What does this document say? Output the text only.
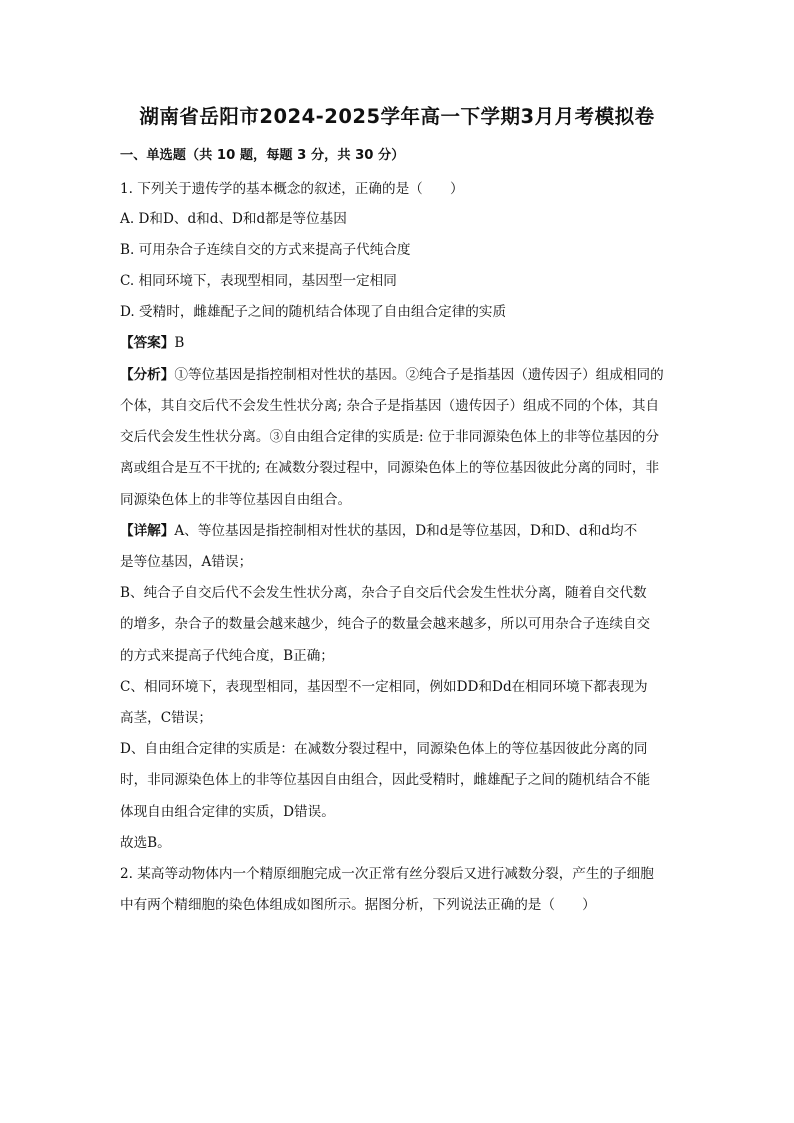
湖南省岳阳市2024-2025学年高一下学期3月月考模拟卷
一、单选题（共 10 题，每题 3 分，共 30 分）
1. 下列关于遗传学的基本概念的叙述，正确的是（　　）
A. D和D、d和d、D和d都是等位基因
B. 可用杂合子连续自交的方式来提高子代纯合度
C. 相同环境下，表现型相同，基因型一定相同
D. 受精时，雌雄配子之间的随机结合体现了自由组合定律的实质
【答案】B
【分析】①等位基因是指控制相对性状的基因。②纯合子是指基因（遗传因子）组成相同的
个体，其自交后代不会发生性状分离; 杂合子是指基因（遗传因子）组成不同的个体，其自
交后代会发生性状分离。③自由组合定律的实质是: 位于非同源染色体上的非等位基因的分
离或组合是互不干扰的; 在减数分裂过程中，同源染色体上的等位基因彼此分离的同时，非
同源染色体上的非等位基因自由组合。
【详解】A、等位基因是指控制相对性状的基因，D和d是等位基因，D和D、d和d均不
是等位基因，A错误；
B、纯合子自交后代不会发生性状分离，杂合子自交后代会发生性状分离，随着自交代数
的增多，杂合子的数量会越来越少，纯合子的数量会越来越多，所以可用杂合子连续自交
的方式来提高子代纯合度，B正确；
C、相同环境下，表现型相同，基因型不一定相同，例如DD和Dd在相同环境下都表现为
高茎，C错误；
D、自由组合定律的实质是：在减数分裂过程中，同源染色体上的等位基因彼此分离的同
时，非同源染色体上的非等位基因自由组合，因此受精时，雌雄配子之间的随机结合不能
体现自由组合定律的实质，D错误。
故选B。
2. 某高等动物体内一个精原细胞完成一次正常有丝分裂后又进行减数分裂，产生的子细胞
中有两个精细胞的染色体组成如图所示。据图分析，下列说法正确的是（　　）
